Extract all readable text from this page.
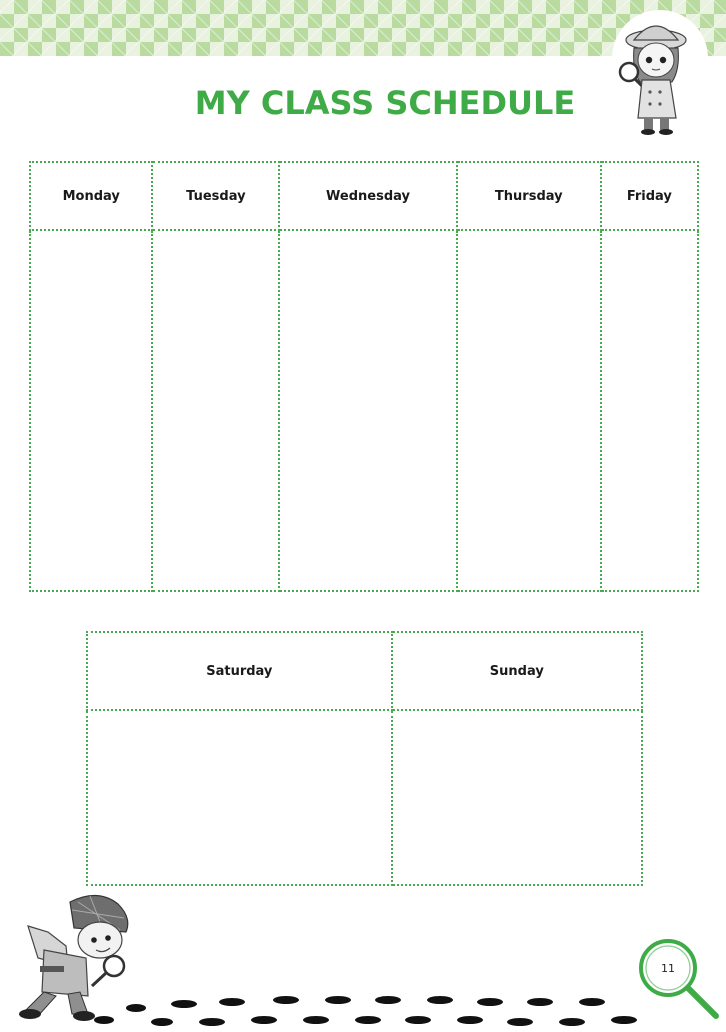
MY CLASS SCHEDULE
Monday	Tuesday	Wednesday	Thursday	Friday

Saturday	Sunday

11
